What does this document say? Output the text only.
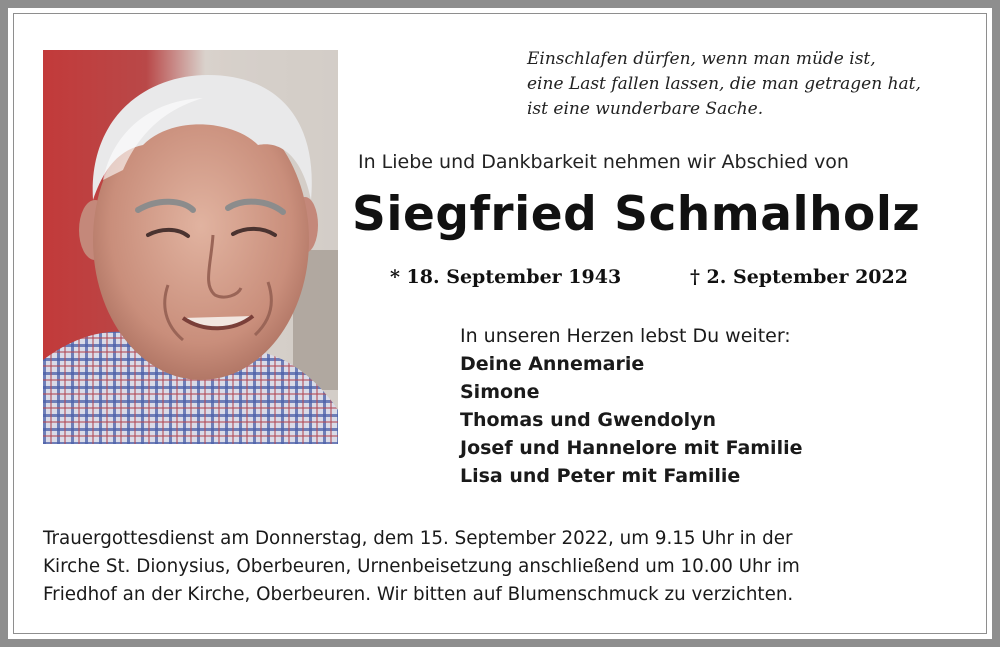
Einschlafen dürfen, wenn man müde ist,
eine Last fallen lassen, die man getragen hat,
ist eine wunderbare Sache.
In Liebe und Dankbarkeit nehmen wir Abschied von
Siegfried Schmalholz
* 18. September 1943	† 2. September 2022
In unseren Herzen lebst Du weiter:
Deine Annemarie
Simone
Thomas und Gwendolyn
Josef und Hannelore mit Familie
Lisa und Peter mit Familie
Trauergottesdienst am Donnerstag, dem 15. September 2022, um 9.15 Uhr in der
Kirche St. Dionysius, Oberbeuren, Urnenbeisetzung anschließend um 10.00 Uhr im
Friedhof an der Kirche, Oberbeuren. Wir bitten auf Blumenschmuck zu verzichten.
